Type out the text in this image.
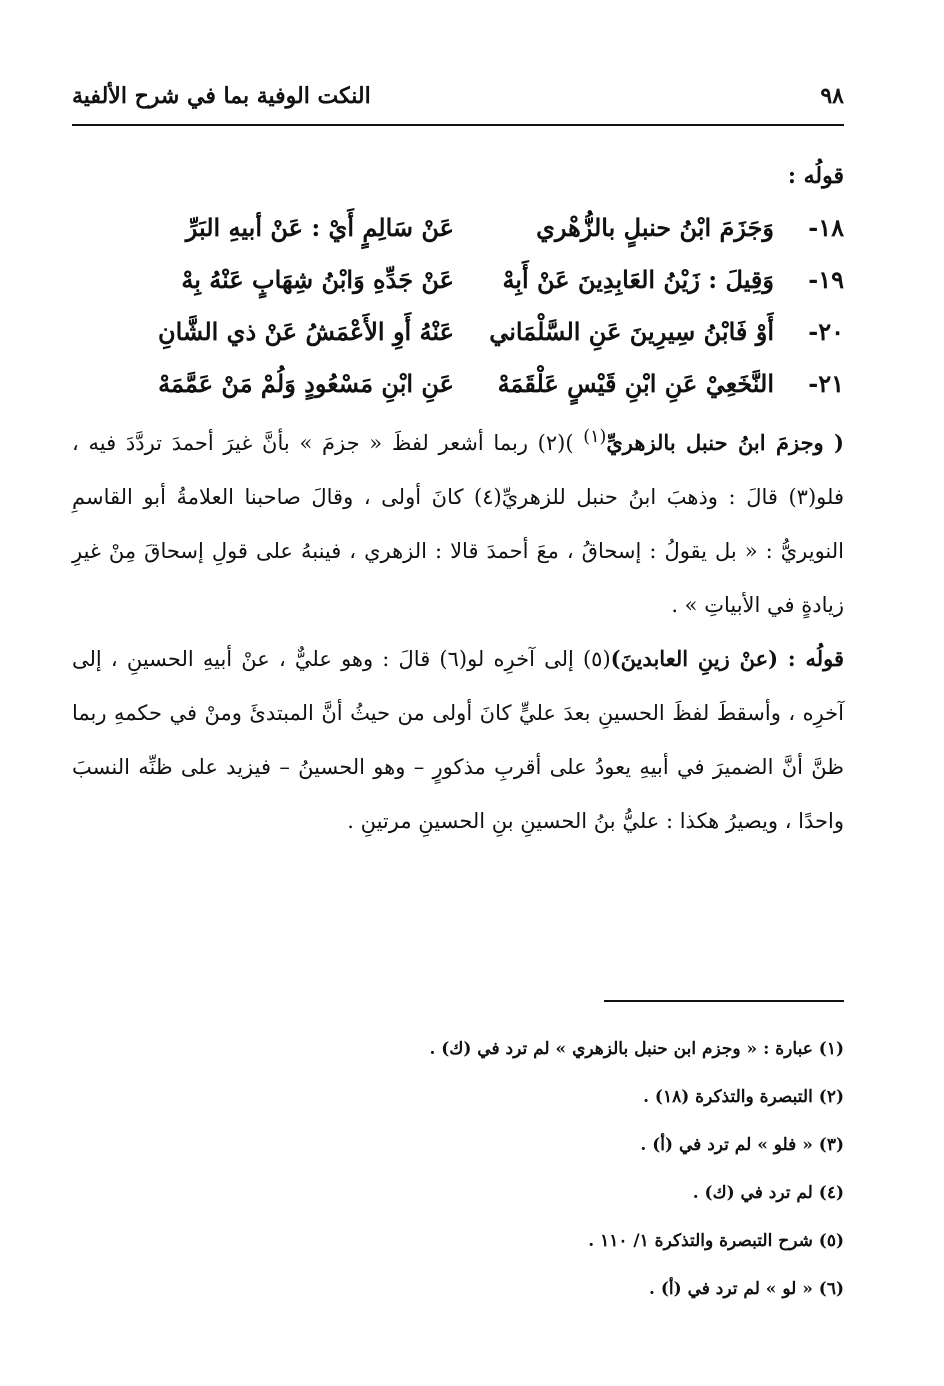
٩٨
النكت الوفية بما في شرح الألفية
قولُه :
١٨-
وَجَزَمَ ابْنُ حنبلٍ بالزُّهْري
عَنْ سَالِمٍ أَيْ : عَنْ أبيهِ البَرِّ
١٩-
وَقِيلَ : زَيْنُ العَابِدِينَ عَنْ أَبِهْ
عَنْ جَدِّهِ وَابْنُ شِهَابٍ عَنْهُ بِهْ
٢٠-
أَوْ فَابْنُ سِيرِينَ عَنِ السَّلْمَاني
عَنْهُ أَوِ الأَعْمَشُ عَنْ ذي الشَّانِ
٢١-
النَّخَعِيْ عَنِ ابْنِ قَيْسٍ عَلْقَمَهْ
عَنِ ابْنِ مَسْعُودٍ وَلُمْ مَنْ عَمَّمَهْ

( وجزمَ ابنُ حنبل بالزهريِّ$^{(١)}$ )(٢) ربما أشعر لفظَ « جزمَ » بأنَّ غيرَ أحمدَ تردَّدَ فيه ، فلو(٣) قالَ : وذهبَ ابنُ حنبل للزهريِّ(٤) كانَ أولى ، وقالَ صاحبنا العلامةُ أبو القاسمِ النويريُّ : « بل يقولُ : إسحاقُ ، معَ أحمدَ قالا : الزهري ، فينبهُ على قولِ إسحاقَ مِنْ غيرِ زيادةٍ في الأبياتِ » .

قولُه : (عنْ زينِ العابدينَ)(٥) إلى آخرِه لو(٦) قالَ : وهو عليٌّ ، عنْ أبيهِ الحسينِ ، إلى آخرِه ، وأسقطَ لفظَ الحسينِ بعدَ عليٍّ كانَ أولى من حيثُ أنَّ المبتدئَ ومنْ في حكمهِ ربما ظنَّ أنَّ الضميرَ في أبيهِ يعودُ على أقربِ مذكورٍ – وهو الحسينُ – فيزيد على ظنِّه النسبَ واحدًا ، ويصيرُ هكذا : عليُّ بنُ الحسينِ بنِ الحسينِ مرتينِ .

(١) عبارة : « وجزم ابن حنبل بالزهري » لم ترد في (ك) .
(٢) التبصرة والتذكرة (١٨) .
(٣) « فلو » لم ترد في (أ) .
(٤) لم ترد في (ك) .
(٥) شرح التبصرة والتذكرة ١/ ١١٠ .
(٦) « لو » لم ترد في (أ) .
